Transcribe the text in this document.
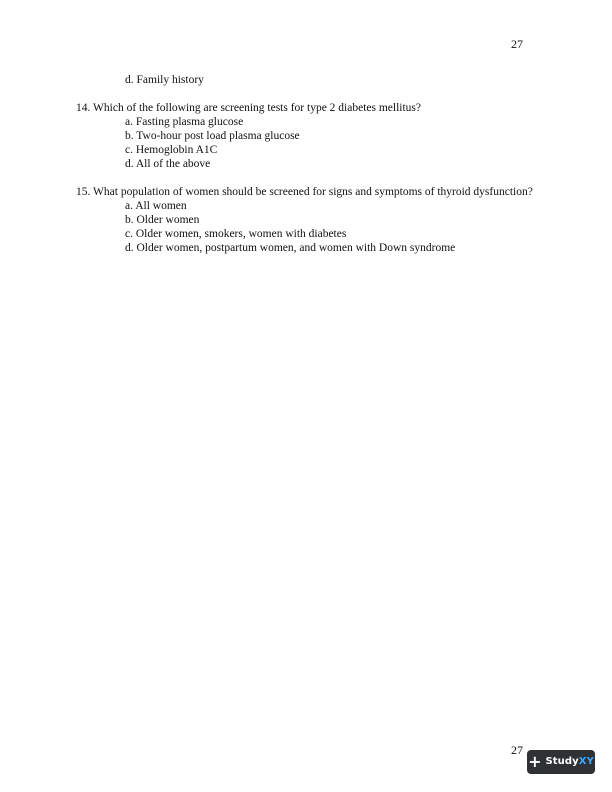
27
d. Family history

14. Which of the following are screening tests for type 2 diabetes mellitus?

a. Fasting plasma glucose
b. Two-hour post load plasma glucose
c. Hemoglobin A1C
d. All of the above

15. What population of women should be screened for signs and symptoms of thyroid dysfunction?

a. All women
b. Older women
c. Older women, smokers, women with diabetes
d. Older women, postpartum women, and women with Down syndrome
27
+ StudyXY
